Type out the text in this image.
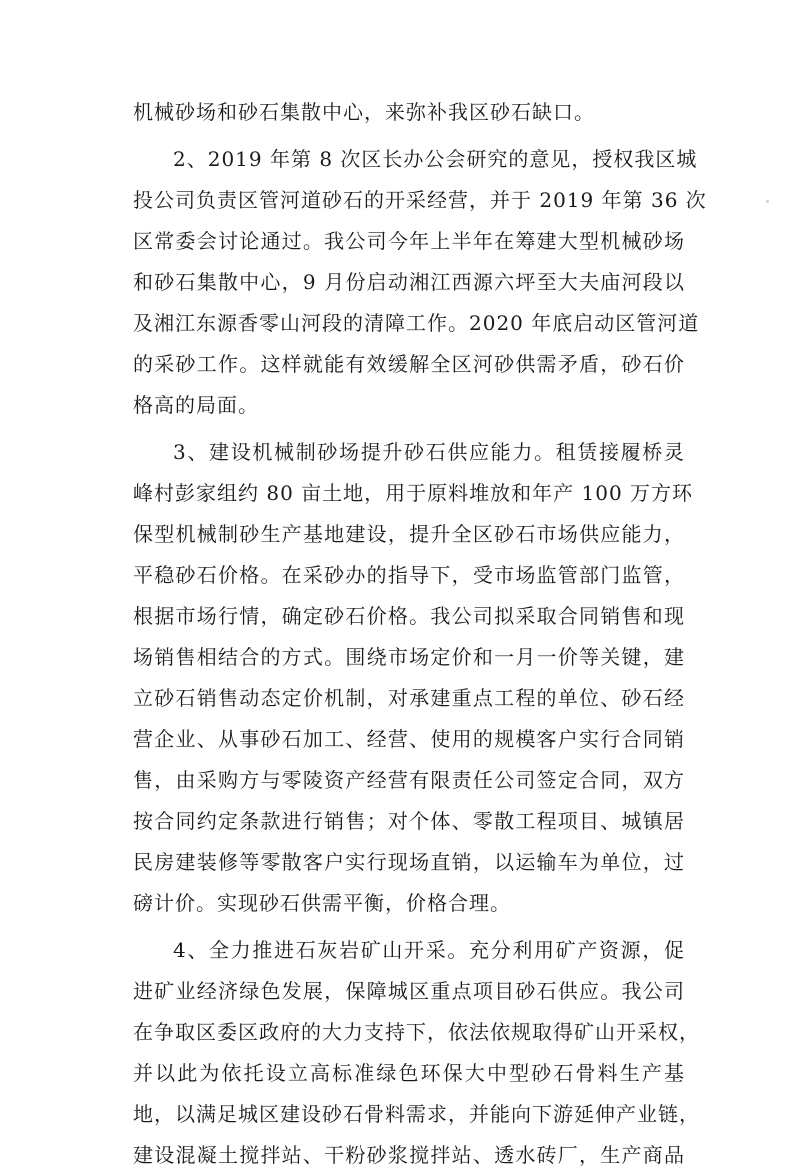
机械砂场和砂石集散中心，来弥补我区砂石缺口。
2、2019 年第 8 次区长办公会研究的意见，授权我区城
投公司负责区管河道砂石的开采经营，并于 2019 年第 36 次
区常委会讨论通过。我公司今年上半年在筹建大型机械砂场
和砂石集散中心，9 月份启动湘江西源六坪至大夫庙河段以
及湘江东源香零山河段的清障工作。2020 年底启动区管河道
的采砂工作。这样就能有效缓解全区河砂供需矛盾，砂石价
格高的局面。
3、建设机械制砂场提升砂石供应能力。租赁接履桥灵
峰村彭家组约 80 亩土地，用于原料堆放和年产 100 万方环
保型机械制砂生产基地建设，提升全区砂石市场供应能力，
平稳砂石价格。在采砂办的指导下，受市场监管部门监管，
根据市场行情，确定砂石价格。我公司拟采取合同销售和现
场销售相结合的方式。围绕市场定价和一月一价等关键，建
立砂石销售动态定价机制，对承建重点工程的单位、砂石经
营企业、从事砂石加工、经营、使用的规模客户实行合同销
售，由采购方与零陵资产经营有限责任公司签定合同，双方
按合同约定条款进行销售；对个体、零散工程项目、城镇居
民房建装修等零散客户实行现场直销，以运输车为单位，过
磅计价。实现砂石供需平衡，价格合理。
4、全力推进石灰岩矿山开采。充分利用矿产资源，促
进矿业经济绿色发展，保障城区重点项目砂石供应。我公司
在争取区委区政府的大力支持下，依法依规取得矿山开采权，
并以此为依托设立高标准绿色环保大中型砂石骨料生产基
地，以满足城区建设砂石骨料需求，并能向下游延伸产业链，
建设混凝土搅拌站、干粉砂浆搅拌站、透水砖厂，生产商品
